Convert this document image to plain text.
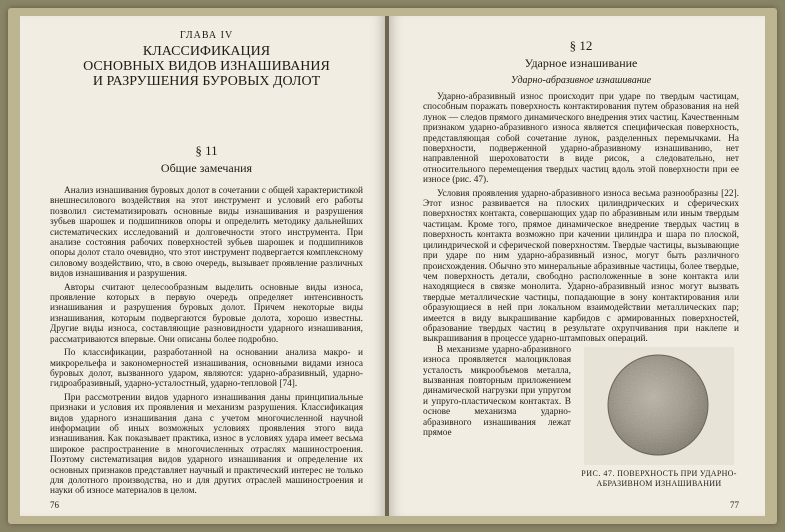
ГЛАВА IV

КЛАССИФИКАЦИЯ
ОСНОВНЫХ ВИДОВ ИЗНАШИВАНИЯ
И РАЗРУШЕНИЯ БУРОВЫХ ДОЛОТ

§ 11

Общие замечания

Анализ изнашивания буровых долот в сочетании с общей характеристикой внешнесилового воздействия на этот инструмент и условий его работы позволил систематизировать основные виды изнашивания и разрушения зубьев шарошек и подшипников опоры и определить методику дальнейших систематических исследований и долговечности этого инструмента. При анализе состояния рабочих поверхностей зубьев шарошек и подшипников опоры долот стало очевидно, что этот инструмент подвергается комплексному силовому воздействию, что, в свою очередь, вызывает проявление различных видов изнашивания и разрушения.

Авторы считают целесообразным выделить основные виды износа, проявление которых в первую очередь определяет интенсивность изнашивания и разрушения буровых долот. Причем некоторые виды изнашивания, которым подвергаются буровые долота, хорошо известны. Другие виды износа, составляющие разновидности ударного изнашивания, рассматриваются впервые. Они описаны более подробно.

По классификации, разработанной на основании анализа макро- и микрорельефа и закономерностей изнашивания, основными видами износа буровых долот, вызванного ударом, являются: ударно-абразивный, ударно-гидроабразивный, ударно-усталостный, ударно-тепловой [74].

При рассмотрении видов ударного изнашивания даны принципиальные признаки и условия их проявления и механизм разрушения. Классификация видов ударного изнашивания дана с учетом многочисленной научной информации об иных возможных условиях проявления этого вида изнашивания. Как показывает практика, износ в условиях удара имеет весьма широкое распространение в многочисленных отраслях машиностроения. Поэтому систематизация видов ударного изнашивания и определение их основных признаков представляет научный и практический интерес не только для долотного производства, но и для других отраслей машиностроения и науки об износе материалов в целом.

76

§ 12

Ударное изнашивание

Ударно-абразивное изнашивание

Ударно-абразивный износ происходит при ударе по твердым частицам, способным поражать поверхность контактирования путем образования на ней лунок — следов прямого динамического внедрения этих частиц. Качественным признаком ударно-абразивного износа является специфическая поверхность, представляющая собой сочетание лунок, разделенных перемычками. На поверхности, подверженной ударно-абразивному изнашиванию, нет направленной шероховатости в виде рисок, а следовательно, нет относительного перемещения твердых частиц вдоль этой поверхности при ее износе (рис. 47).

Условия проявления ударно-абразивного износа весьма разнообразны [22]. Этот износ развивается на плоских цилиндрических и сферических поверхностях контакта, совершающих удар по абразивным или иным твердым частицам. Кроме того, прямое динамическое внедрение твердых частиц в поверхность контакта возможно при качении цилиндра и шара по плоской, цилиндрической и сферической поверхностям. Твердые частицы, вызывающие при ударе по ним ударно-абразивный износ, могут быть различного происхождения. Обычно это минеральные абразивные частицы, более твердые, чем поверхность детали, свободно расположенные в зоне контакта или находящиеся в связке монолита. Ударно-абразивный износ могут вызвать твердые металлические частицы, попадающие в зону контактирования или образующиеся в ней при локальном взаимодействии металлических пар; имеется в виду выкрашивание карбидов с армированных поверхностей, образование твердых частиц в результате охрупчивания при наклепе и выкрашивания в процессе ударно-штамповых операций.

РИС. 47. ПОВЕРХНОСТЬ ПРИ УДАРНО-АБРАЗИВНОМ ИЗНАШИВАНИИ

В механизме ударно-абразивного износа проявляется малоцикловая усталость микрообъемов металла, вызванная повторным приложением динамической нагрузки при упругом и упруго-пластическом контактах. В основе механизма ударно-абразивного изнашивания лежат прямое

77
